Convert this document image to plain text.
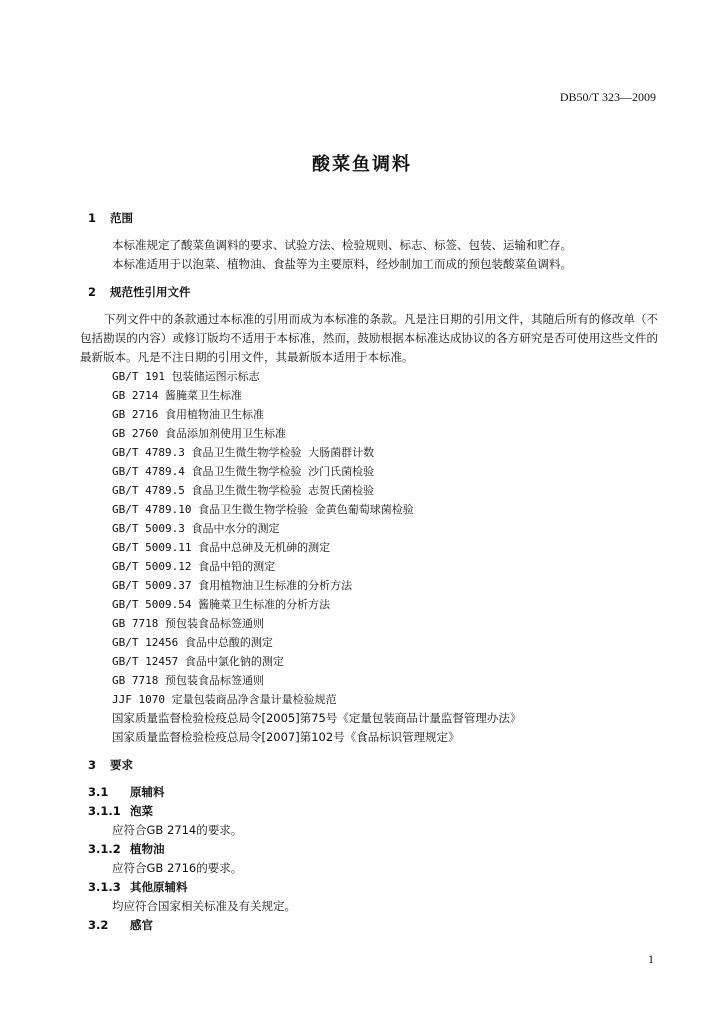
DB50/T 323—2009
酸菜鱼调料
1 范围

本标准规定了酸菜鱼调料的要求、试验方法、检验规则、标志、标签、包装、运输和贮存。

本标准适用于以泡菜、植物油、食盐等为主要原料，经炒制加工而成的预包装酸菜鱼调料。

2 规范性引用文件

下列文件中的条款通过本标准的引用而成为本标准的条款。凡是注日期的引用文件，其随后所有的修改单（不包括勘误的内容）或修订版均不适用于本标准，然而，鼓励根据本标准达成协议的各方研究是否可使用这些文件的最新版本。凡是不注日期的引用文件，其最新版本适用于本标准。

GB/T 191 包装储运图示标志
GB 2714 酱腌菜卫生标准
GB 2716 食用植物油卫生标准
GB 2760 食品添加剂使用卫生标准
GB/T 4789.3 食品卫生微生物学检验 大肠菌群计数
GB/T 4789.4 食品卫生微生物学检验 沙门氏菌检验
GB/T 4789.5 食品卫生微生物学检验 志贺氏菌检验
GB/T 4789.10 食品卫生微生物学检验 金黄色葡萄球菌检验
GB/T 5009.3 食品中水分的测定
GB/T 5009.11 食品中总砷及无机砷的测定
GB/T 5009.12 食品中铅的测定
GB/T 5009.37 食用植物油卫生标准的分析方法
GB/T 5009.54 酱腌菜卫生标准的分析方法
GB 7718 预包装食品标签通则
GB/T 12456 食品中总酸的测定
GB/T 12457 食品中氯化钠的测定
GB 7718 预包装食品标签通则
JJF 1070 定量包装商品净含量计量检验规范
国家质量监督检验检疫总局令[2005]第75号《定量包装商品计量监督管理办法》
国家质量监督检验检疫总局令[2007]第102号《食品标识管理规定》
3 要求
3.1 原辅料
3.1.1 泡菜

应符合GB 2714的要求。

3.1.2 植物油

应符合GB 2716的要求。

3.1.3 其他原辅料

均应符合国家相关标准及有关规定。

3.2 感官
1
